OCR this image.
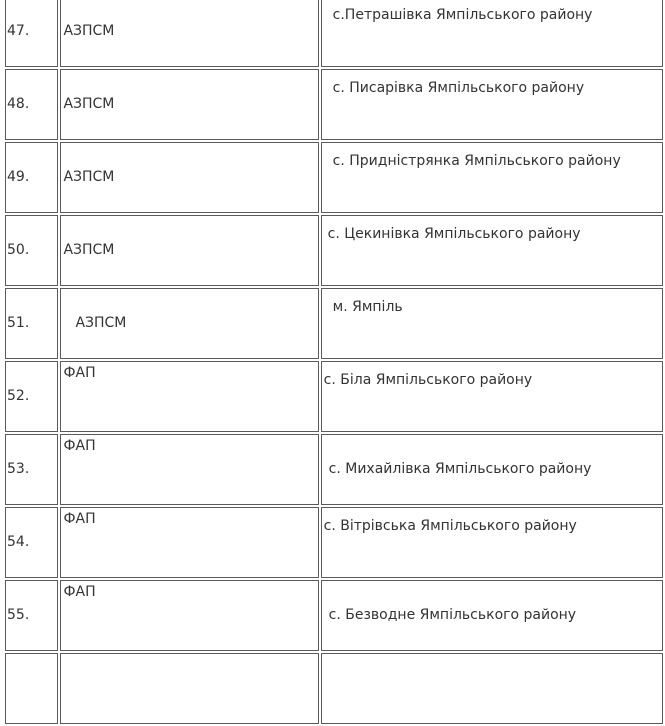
47.	АЗПСМ	с.Петрашівка Ямпільського району

48.	АЗПСМ	с. Писарівка Ямпільського району

49.	АЗПСМ	с. Придністрянка Ямпільського району

50.	АЗПСМ	с. Цекинівка Ямпільського району

51.	АЗПСМ	м. Ямпіль

52.	ФАП	с. Біла Ямпільського району

53.	ФАП	с. Михайлівка Ямпільського району

54.	ФАП	с. Вітрівська Ямпільського району

55.	ФАП	с. Безводне Ямпільського району
